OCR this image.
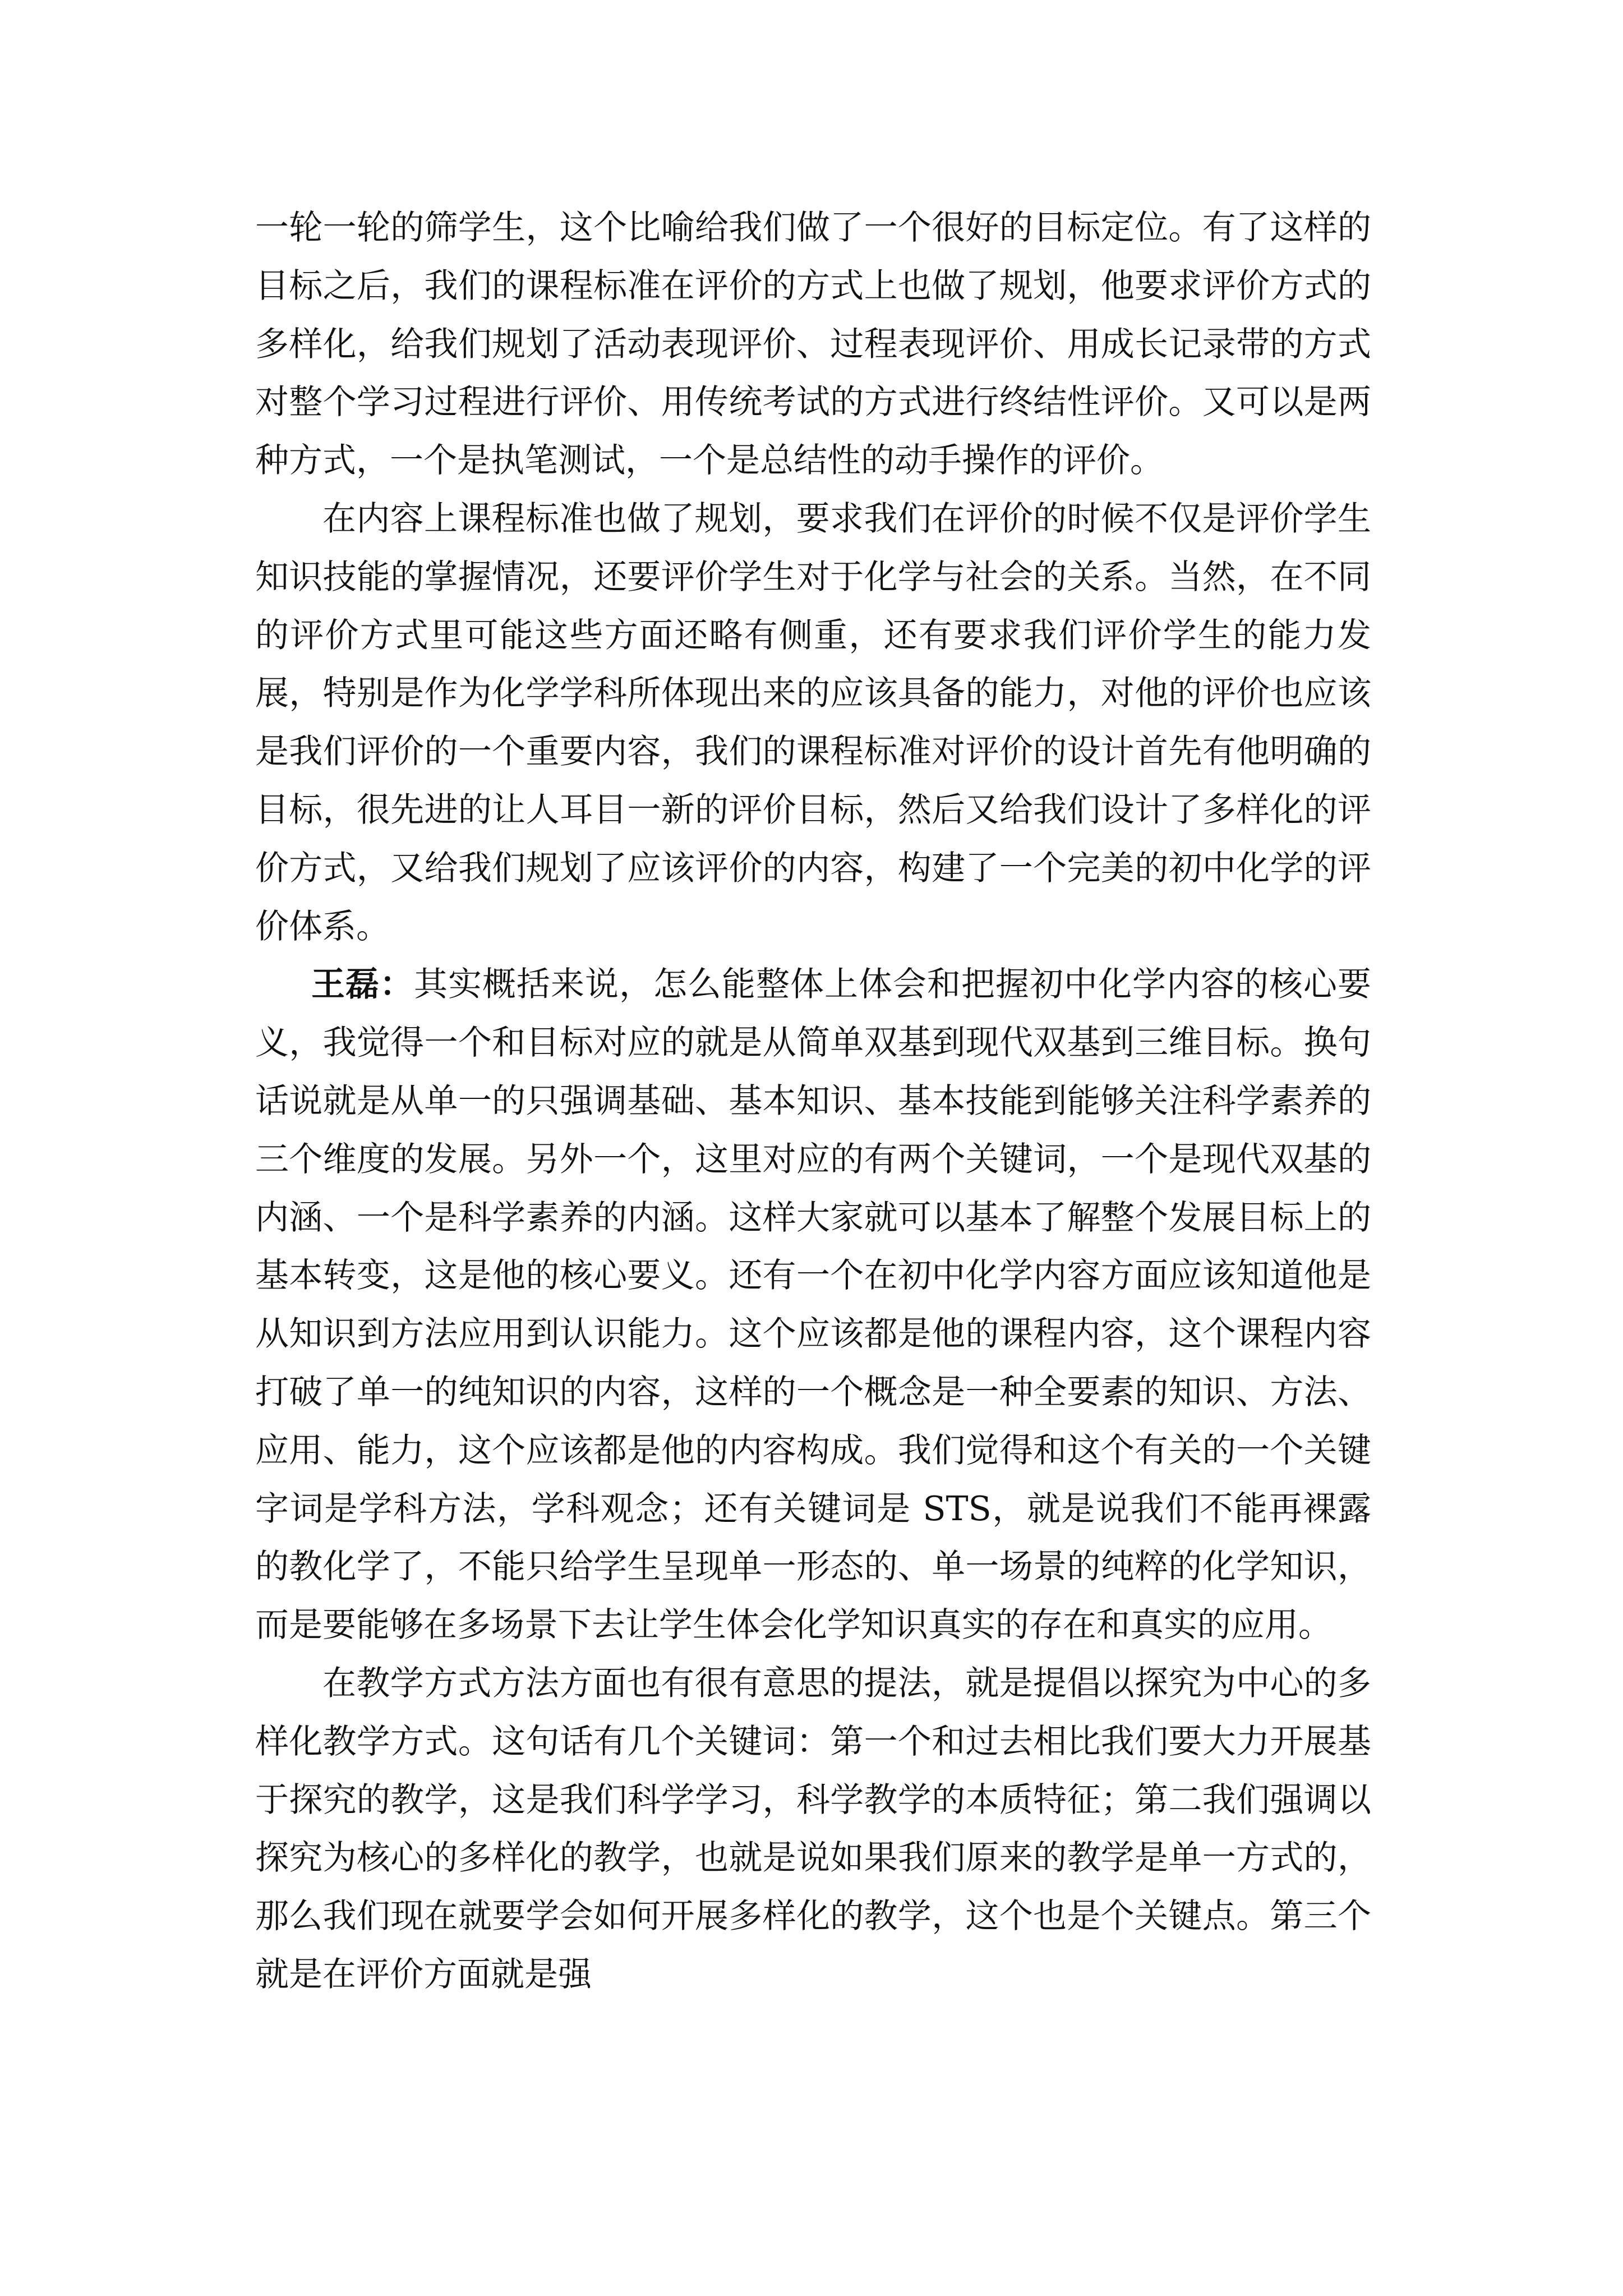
一轮一轮的筛学生，这个比喻给我们做了一个很好的目标定位。有了这样的目标之后，我们的课程标准在评价的方式上也做了规划，他要求评价方式的多样化，给我们规划了活动表现评价、过程表现评价、用成长记录带的方式对整个学习过程进行评价、用传统考试的方式进行终结性评价。又可以是两种方式，一个是执笔测试，一个是总结性的动手操作的评价。

在内容上课程标准也做了规划，要求我们在评价的时候不仅是评价学生知识技能的掌握情况，还要评价学生对于化学与社会的关系。当然，在不同的评价方式里可能这些方面还略有侧重，还有要求我们评价学生的能力发展，特别是作为化学学科所体现出来的应该具备的能力，对他的评价也应该是我们评价的一个重要内容，我们的课程标准对评价的设计首先有他明确的目标，很先进的让人耳目一新的评价目标，然后又给我们设计了多样化的评价方式，又给我们规划了应该评价的内容，构建了一个完美的初中化学的评价体系。

王磊：其实概括来说，怎么能整体上体会和把握初中化学内容的核心要义，我觉得一个和目标对应的就是从简单双基到现代双基到三维目标。换句话说就是从单一的只强调基础、基本知识、基本技能到能够关注科学素养的三个维度的发展。另外一个，这里对应的有两个关键词，一个是现代双基的内涵、一个是科学素养的内涵。这样大家就可以基本了解整个发展目标上的基本转变，这是他的核心要义。还有一个在初中化学内容方面应该知道他是从知识到方法应用到认识能力。这个应该都是他的课程内容，这个课程内容打破了单一的纯知识的内容，这样的一个概念是一种全要素的知识、方法、应用、能力，这个应该都是他的内容构成。我们觉得和这个有关的一个关键字词是学科方法，学科观念；还有关键词是 STS，就是说我们不能再裸露的教化学了，不能只给学生呈现单一形态的、单一场景的纯粹的化学知识，而是要能够在多场景下去让学生体会化学知识真实的存在和真实的应用。

在教学方式方法方面也有很有意思的提法，就是提倡以探究为中心的多样化教学方式。这句话有几个关键词：第一个和过去相比我们要大力开展基于探究的教学，这是我们科学学习，科学教学的本质特征；第二我们强调以探究为核心的多样化的教学，也就是说如果我们原来的教学是单一方式的，那么我们现在就要学会如何开展多样化的教学，这个也是个关键点。第三个就是在评价方面就是强
